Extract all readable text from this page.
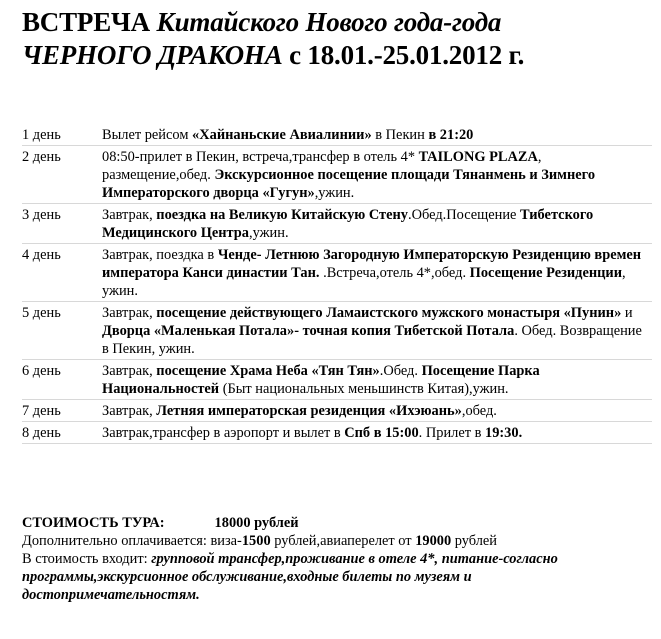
ВСТРЕЧА Китайского Нового года-года
ЧЕРНОГО ДРАКОНА с 18.01.-25.01.2012 г.
1 день	Вылет рейсом «Хайнаньские Авиалинии» в Пекин в 21:20
2 день	08:50-прилет в Пекин, встреча,трансфер в отель 4* TAILONG PLAZA, размещение,обед. Экскурсионное посещение площади Тянанмень и Зимнего Императорского дворца «Гугун»,ужин.
3 день	Завтрак, поездка на Великую Китайскую Стену.Обед.Посещение Тибетского Медицинского Центра,ужин.
4 день	Завтрак, поездка в Ченде- Летнюю Загородную Императорскую Резиденцию времен императора Канси династии Тан. .Встреча,отель 4*,обед. Посещение Резиденции, ужин.
5 день	Завтрак, посещение действующего Ламаистского мужского монастыря «Пунин» и Дворца «Маленькая Потала»- точная копия Тибетской Потала. Обед. Возвращение в Пекин, ужин.
6 день	Завтрак, посещение Храма Неба «Тян Тян».Обед. Посещение Парка Национальностей (Быт национальных меньшинств Китая),ужин.
7 день	Завтрак, Летняя императорская резиденция «Ихэюань»,обед.
8 день	Завтрак,трансфер в аэропорт и вылет в Спб в 15:00. Прилет в 19:30.
СТОИМОСТЬ ТУРА:	18000 рублей
Дополнительно оплачивается: виза-1500 рублей,авиаперелет от 19000 рублей
В стоимость входит: групповой трансфер,проживание в отеле 4*, питание-согласно программы,экскурсионное обслуживание,входные билеты по музеям и достопримечательностям.
